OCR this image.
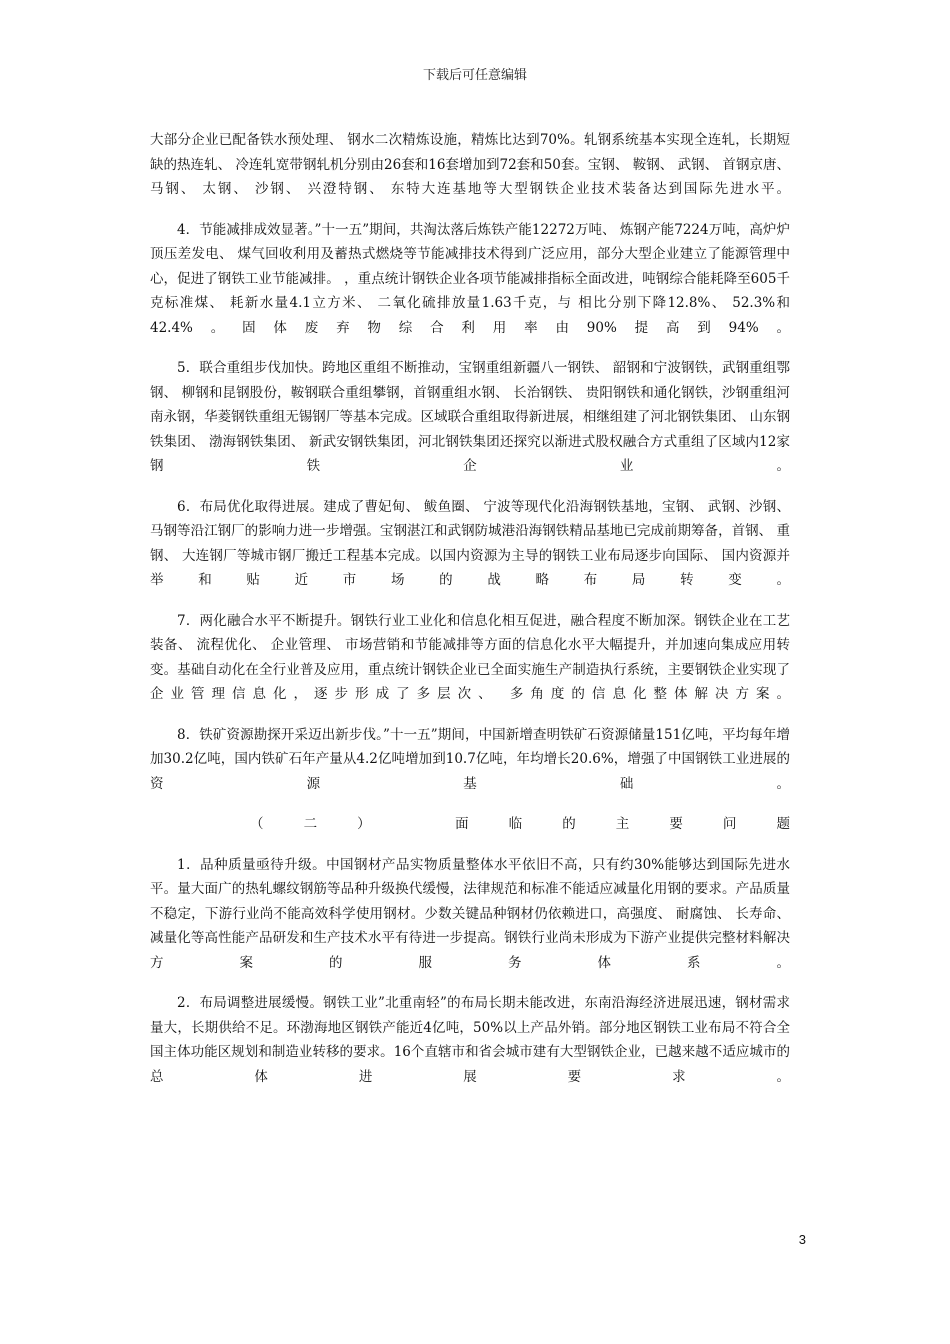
下载后可任意编辑

大部分企业已配备铁水预处理、 钢水二次精炼设施，精炼比达到70%。轧钢系统基本实现全连轧，长期短缺的热连轧、 冷连轧宽带钢轧机分别由26套和16套增加到72套和50套。宝钢、 鞍钢、 武钢、 首钢京唐、 马钢、 太钢、 沙钢、 兴澄特钢、 东特大连基地等大型钢铁企业技术装备达到国际先进水平。

4．节能减排成效显著。”十一五”期间，共淘汰落后炼铁产能12272万吨、 炼钢产能7224万吨，高炉炉顶压差发电、 煤气回收利用及蓄热式燃烧等节能减排技术得到广泛应用，部分大型企业建立了能源管理中心，促进了钢铁工业节能减排。 ，重点统计钢铁企业各项节能减排指标全面改进，吨钢综合能耗降至605千克标准煤、 耗新水量4.1立方米、 二氧化硫排放量1.63千克，与 相比分别下降12.8%、 52.3%和42.4%。固体废弃物综合利用率由90%提高到94%。

5．联合重组步伐加快。跨地区重组不断推动，宝钢重组新疆八一钢铁、 韶钢和宁波钢铁，武钢重组鄂钢、 柳钢和昆钢股份，鞍钢联合重组攀钢，首钢重组水钢、 长治钢铁、 贵阳钢铁和通化钢铁，沙钢重组河南永钢，华菱钢铁重组无锡钢厂等基本完成。区域联合重组取得新进展，相继组建了河北钢铁集团、 山东钢铁集团、 渤海钢铁集团、 新武安钢铁集团，河北钢铁集团还探究以渐进式股权融合方式重组了区域内12家钢铁企业。

6．布局优化取得进展。建成了曹妃甸、 鲅鱼圈、 宁波等现代化沿海钢铁基地，宝钢、 武钢、沙钢、 马钢等沿江钢厂的影响力进一步增强。宝钢湛江和武钢防城港沿海钢铁精品基地已完成前期筹备，首钢、 重钢、 大连钢厂等城市钢厂搬迁工程基本完成。以国内资源为主导的钢铁工业布局逐步向国际、 国内资源并举和贴近市场的战略布局转变。

7．两化融合水平不断提升。钢铁行业工业化和信息化相互促进，融合程度不断加深。钢铁企业在工艺装备、 流程优化、 企业管理、 市场营销和节能减排等方面的信息化水平大幅提升，并加速向集成应用转变。基础自动化在全行业普及应用，重点统计钢铁企业已全面实施生产制造执行系统，主要钢铁企业实现了企业管理信息化，逐步形成了多层次、 多角度的信息化整体解决方案。

8．铁矿资源勘探开采迈出新步伐。”十一五”期间，中国新增查明铁矿石资源储量151亿吨，平均每年增加30.2亿吨，国内铁矿石年产量从4.2亿吨增加到10.7亿吨，年均增长20.6%，增强了中国钢铁工业进展的资源基础。

（二） 面临的主要问题

1．品种质量亟待升级。中国钢材产品实物质量整体水平依旧不高，只有约30%能够达到国际先进水平。量大面广的热轧螺纹钢筋等品种升级换代缓慢，法律规范和标准不能适应减量化用钢的要求。产品质量不稳定，下游行业尚不能高效科学使用钢材。少数关键品种钢材仍依赖进口，高强度、 耐腐蚀、 长寿命、 减量化等高性能产品研发和生产技术水平有待进一步提高。钢铁行业尚未形成为下游产业提供完整材料解决方案的服务体系。

2．布局调整进展缓慢。钢铁工业”北重南轻”的布局长期未能改进，东南沿海经济进展迅速，钢材需求量大，长期供给不足。环渤海地区钢铁产能近4亿吨，50%以上产品外销。部分地区钢铁工业布局不符合全国主体功能区规划和制造业转移的要求。16个直辖市和省会城市建有大型钢铁企业，已越来越不适应城市的总体进展要求。

3
